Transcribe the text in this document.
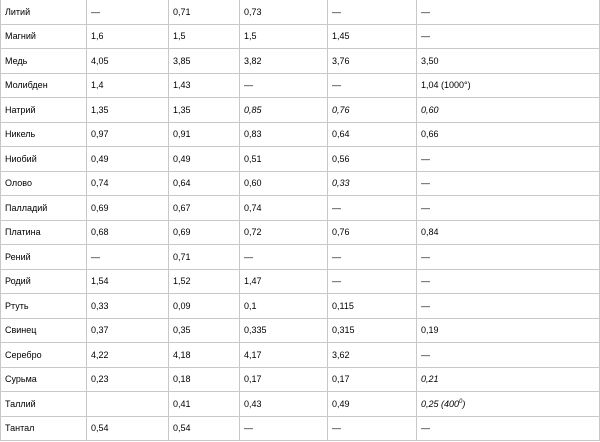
Литий	—	0,71	0,73	—	—
Магний	1,6	1,5	1,5	1,45	—
Медь	4,05	3,85	3,82	3,76	3,50
Молибден	1,4	1,43	—	—	1,04 (1000°)
Натрий	1,35	1,35	0,85	0,76	0,60
Никель	0,97	0,91	0,83	0,64	0,66
Ниобий	0,49	0,49	0,51	0,56	—
Олово	0,74	0,64	0,60	0,33	—
Палладий	0,69	0,67	0,74	—	—
Платина	0,68	0,69	0,72	0,76	0,84
Рений	—	0,71	—	—	—
Родий	1,54	1,52	1,47	—	—
Ртуть	0,33	0,09	0,1	0,115	—
Свинец	0,37	0,35	0,335	0,315	0,19
Серебро	4,22	4,18	4,17	3,62	—
Сурьма	0,23	0,18	0,17	0,17	0,21
Таллий		0,41	0,43	0,49	0,25 $(400^0)$
Тантал	0,54	0,54	—	—	—
